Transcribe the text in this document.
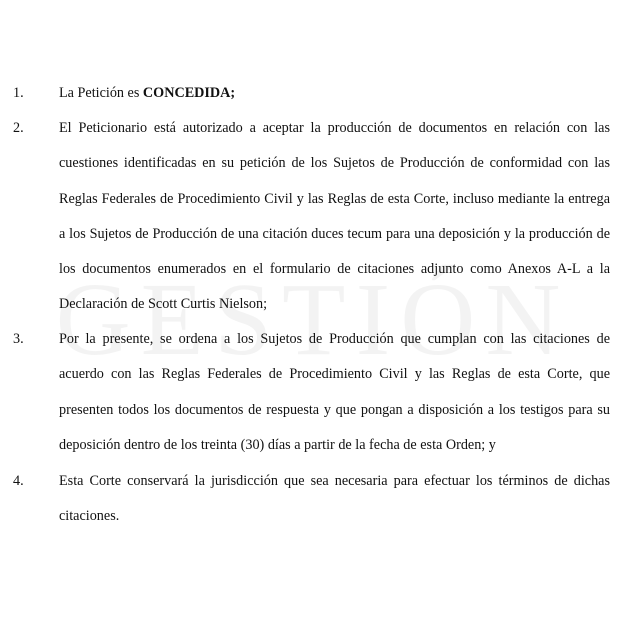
1. La Petición es CONCEDIDA;
2. El Peticionario está autorizado a aceptar la producción de documentos en relación con las cuestiones identificadas en su petición de los Sujetos de Producción de conformidad con las Reglas Federales de Procedimiento Civil y las Reglas de esta Corte, incluso mediante la entrega a los Sujetos de Producción de una citación duces tecum para una deposición y la producción de los documentos enumerados en el formulario de citaciones adjunto como Anexos A-L a la Declaración de Scott Curtis Nielson;
3. Por la presente, se ordena a los Sujetos de Producción que cumplan con las citaciones de acuerdo con las Reglas Federales de Procedimiento Civil y las Reglas de esta Corte, que presenten todos los documentos de respuesta y que pongan a disposición a los testigos para su deposición dentro de los treinta (30) días a partir de la fecha de esta Orden; y
4. Esta Corte conservará la jurisdicción que sea necesaria para efectuar los términos de dichas citaciones.
